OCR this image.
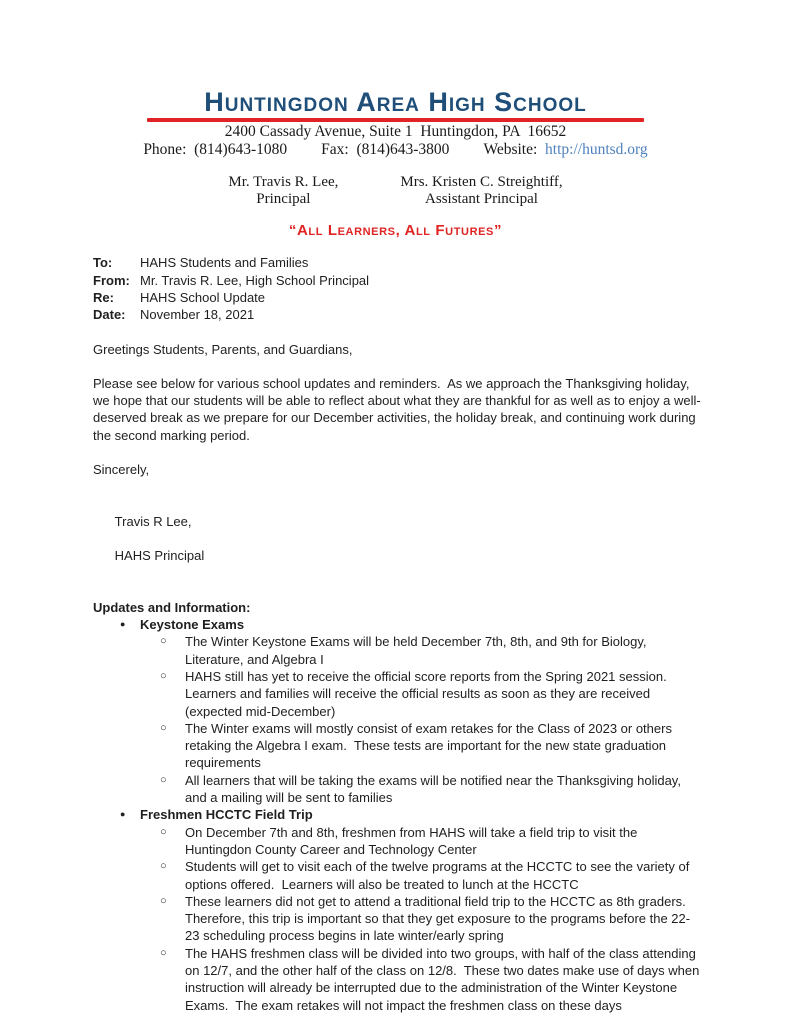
Huntingdon Area High School
2400 Cassady Avenue, Suite 1  Huntingdon, PA  16652
Phone:  (814)643-1080 Fax:  (814)643-3800 Website:  http://huntsd.org
Mr. Travis R. Lee,
Principal
Mrs. Kristen C. Streightiff,
Assistant Principal
“All Learners, All Futures”
To:	HAHS Students and Families
From: Mr. Travis R. Lee, High School Principal
Re:	HAHS School Update
Date:	November 18, 2021

Greetings Students, Parents, and Guardians,

Please see below for various school updates and reminders.  As we approach the Thanksgiving holiday, we hope that our students will be able to reflect about what they are thankful for as well as to enjoy a well-deserved break as we prepare for our December activities, the holiday break, and continuing work during the second marking period.

Sincerely,

Travis R Lee,

HAHS Principal

Updates and Information:
●	Keystone Exams
○	The Winter Keystone Exams will be held December 7th, 8th, and 9th for Biology, Literature, and Algebra I
○	HAHS still has yet to receive the official score reports from the Spring 2021 session.  Learners and families will receive the official results as soon as they are received (expected mid-December)
○	The Winter exams will mostly consist of exam retakes for the Class of 2023 or others retaking the Algebra I exam.  These tests are important for the new state graduation requirements
○	All learners that will be taking the exams will be notified near the Thanksgiving holiday, and a mailing will be sent to families
●	Freshmen HCCTC Field Trip
○	On December 7th and 8th, freshmen from HAHS will take a field trip to visit the Huntingdon County Career and Technology Center
○	Students will get to visit each of the twelve programs at the HCCTC to see the variety of options offered.  Learners will also be treated to lunch at the HCCTC
○	These learners did not get to attend a traditional field trip to the HCCTC as 8th graders.  Therefore, this trip is important so that they get exposure to the programs before the 22-23 scheduling process begins in late winter/early spring
○	The HAHS freshmen class will be divided into two groups, with half of the class attending on 12/7, and the other half of the class on 12/8.  These two dates make use of days when instruction will already be interrupted due to the administration of the Winter Keystone Exams.  The exam retakes will not impact the freshmen class on these days
